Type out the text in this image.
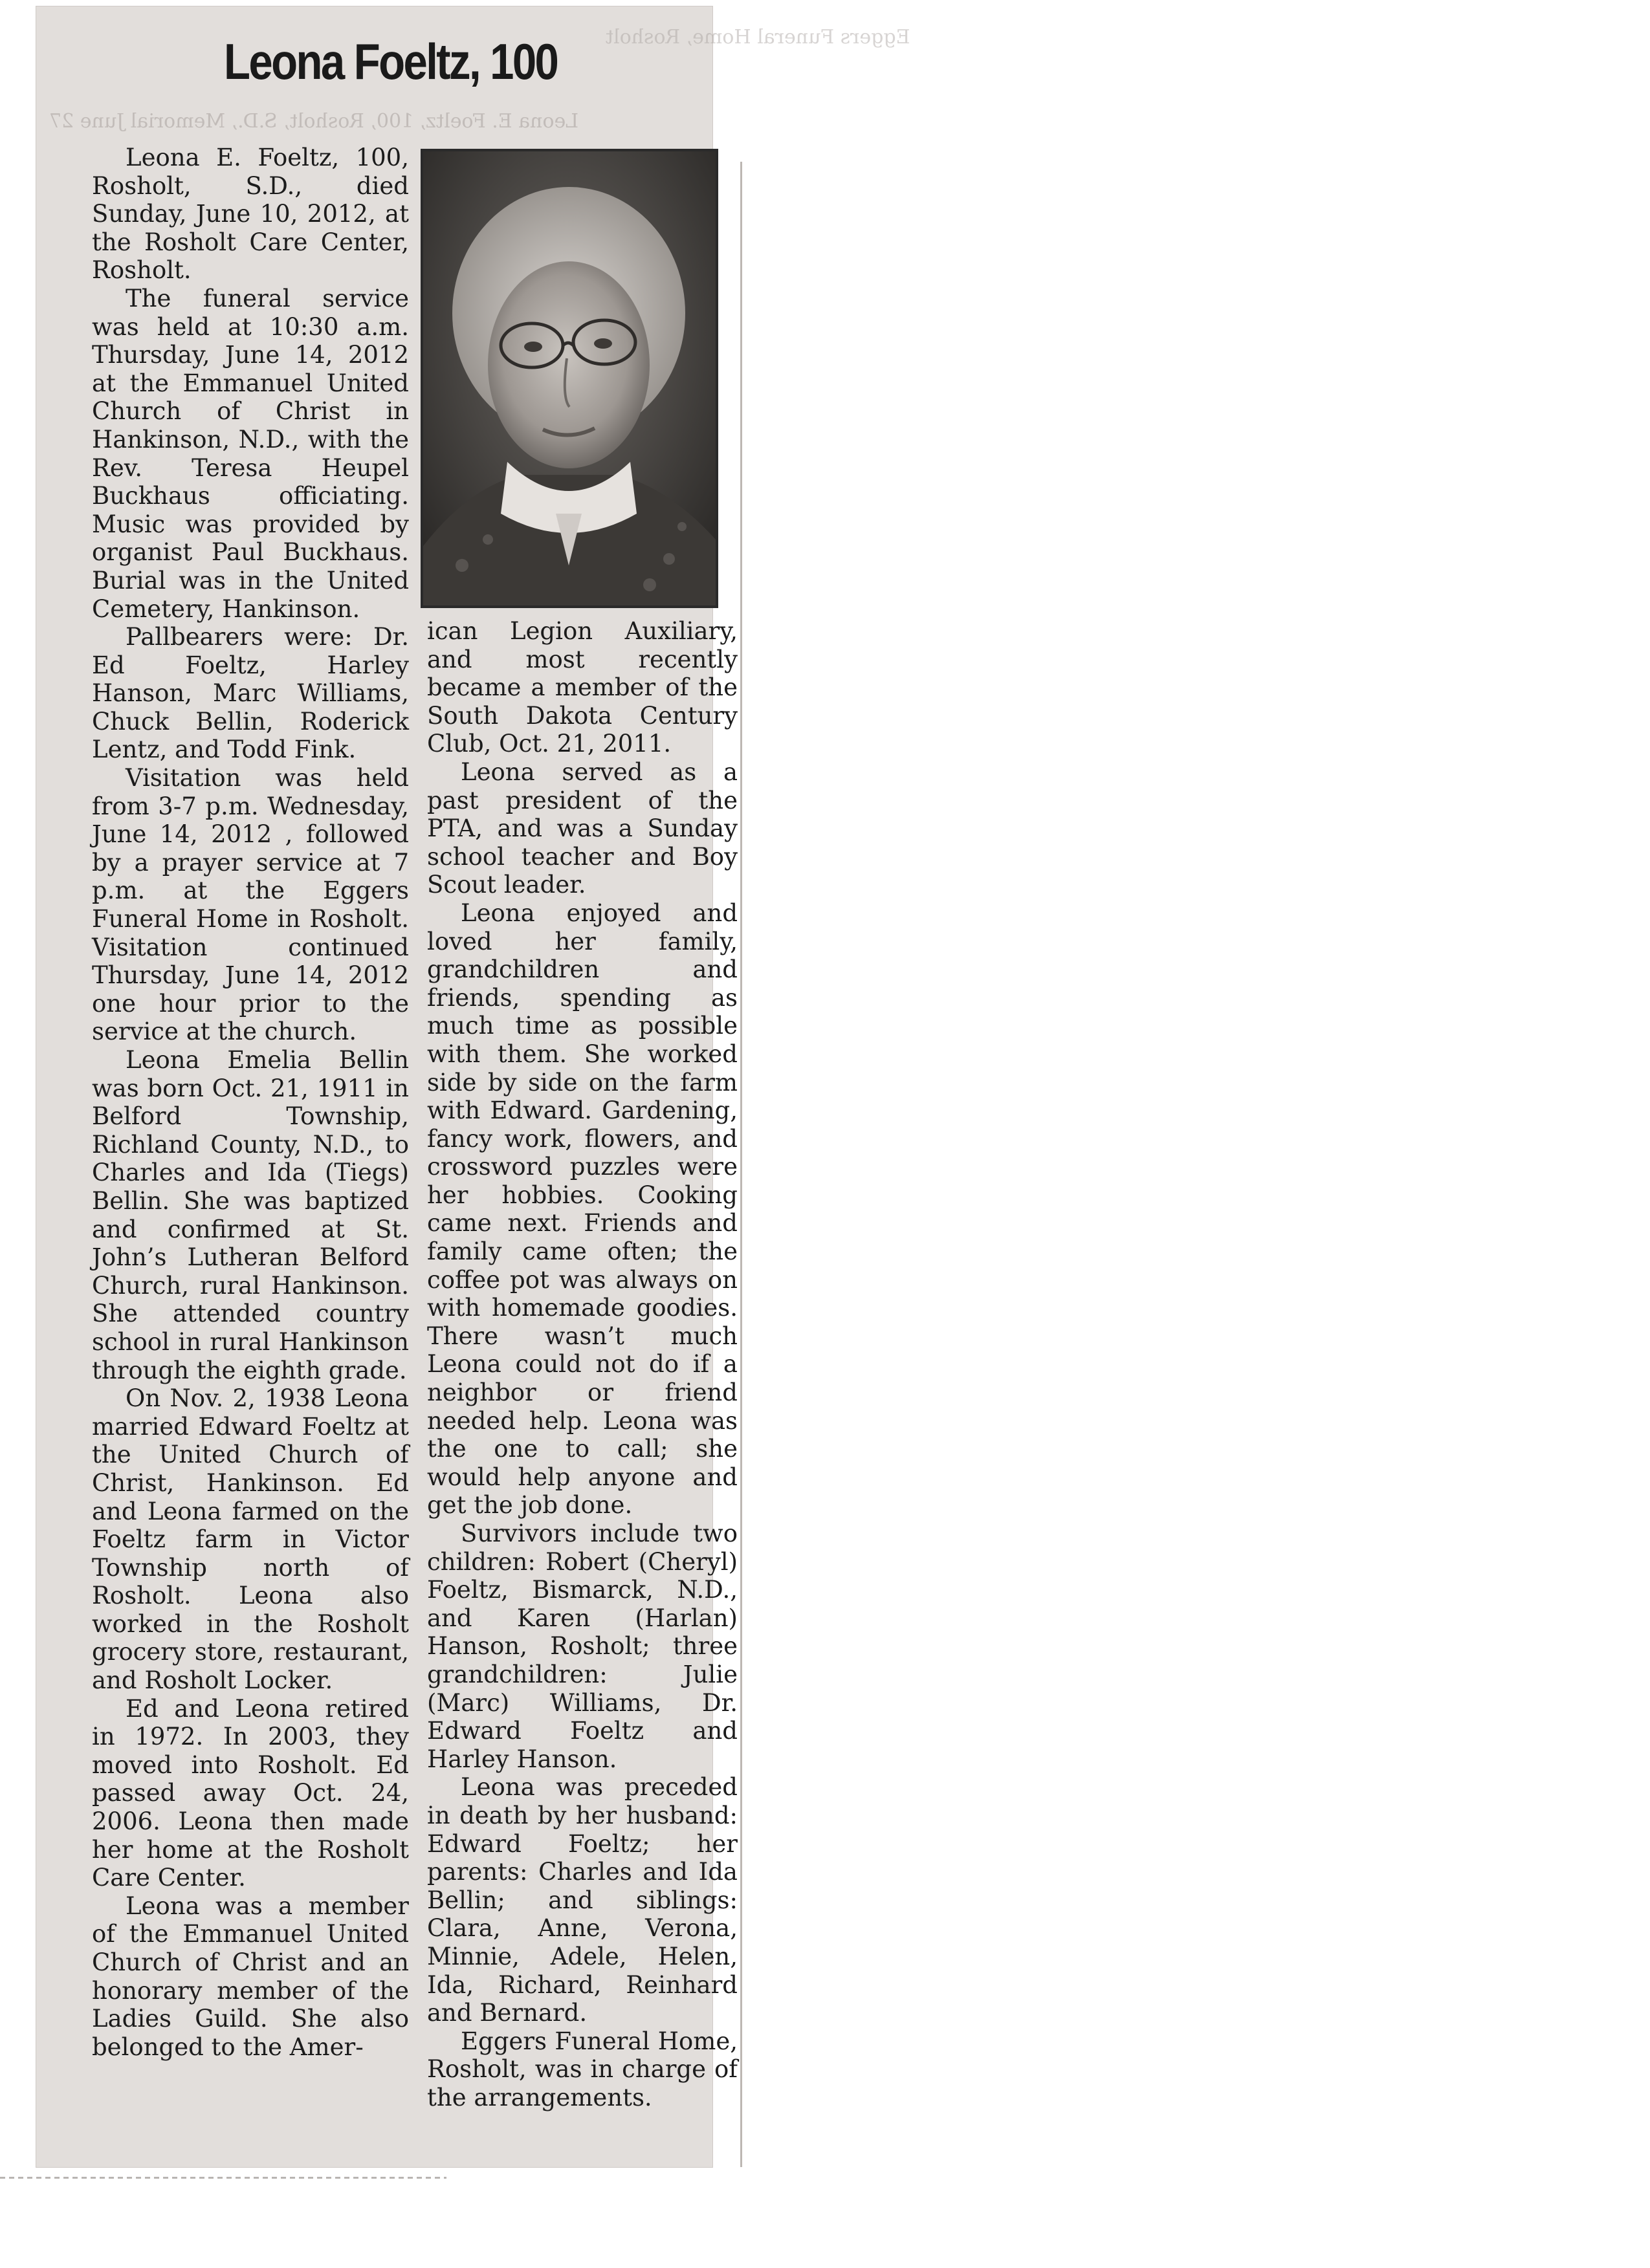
Leona E. Foeltz, 100, Rosholt, S.D., Memorial June 27
Eggers Funeral Home, Rosholt
Leona Foeltz, 100

Leona E. Foeltz, 100, Rosholt, S.D., died Sunday, June 10, 2012, at the Rosholt Care Center, Rosholt.

The funeral service was held at 10:30 a.m. Thursday, June 14, 2012 at the Emmanuel United Church of Christ in Hankinson, N.D., with the Rev. Teresa Heupel Buckhaus officiating. Music was provided by organist Paul Buckhaus. Burial was in the United Cemetery, Hankinson.

Pallbearers were: Dr. Ed Foeltz, Harley Hanson, Marc Williams, Chuck Bellin, Roderick Lentz, and Todd Fink.

Visitation was held from 3-7 p.m. Wednesday, June 14, 2012 , followed by a prayer service at 7 p.m. at the Eggers Funeral Home in Rosholt. Visitation continued Thursday, June 14, 2012 one hour prior to the service at the church.

Leona Emelia Bellin was born Oct. 21, 1911 in Belford Township, Richland County, N.D., to Charles and Ida (Tiegs) Bellin. She was baptized and confirmed at St. John’s Lutheran Belford Church, rural Hankinson. She attended country school in rural Hankinson through the eighth grade.

On Nov. 2, 1938 Leona married Edward Foeltz at the United Church of Christ, Hankinson. Ed and Leona farmed on the Foeltz farm in Victor Township north of Rosholt. Leona also worked in the Rosholt grocery store, restaurant, and Rosholt Locker.

Ed and Leona retired in 1972. In 2003, they moved into Rosholt. Ed passed away Oct. 24, 2006. Leona then made her home at the Rosholt Care Center.

Leona was a member of the Emmanuel United Church of Christ and an honorary member of the Ladies Guild. She also belonged to the Amer-

ican Legion Auxiliary, and most recently became a member of the South Dakota Century Club, Oct. 21, 2011.

Leona served as a past president of the PTA, and was a Sunday school teacher and Boy Scout leader.

Leona enjoyed and loved her family, grandchildren and friends, spending as much time as possible with them. She worked side by side on the farm with Edward. Gardening, fancy work, flowers, and crossword puzzles were her hobbies. Cooking came next. Friends and family came often; the coffee pot was always on with homemade goodies. There wasn’t much Leona could not do if a neighbor or friend needed help. Leona was the one to call; she would help anyone and get the job done.

Survivors include two children: Robert (Cheryl) Foeltz, Bismarck, N.D., and Karen (Harlan) Hanson, Rosholt; three grandchildren: Julie (Marc) Williams, Dr. Edward Foeltz and Harley Hanson.

Leona was preceded in death by her husband: Edward Foeltz; her parents: Charles and Ida Bellin; and siblings: Clara, Anne, Verona, Minnie, Adele, Helen, Ida, Richard, Reinhard and Bernard.

Eggers Funeral Home, Rosholt, was in charge of the arrangements.
